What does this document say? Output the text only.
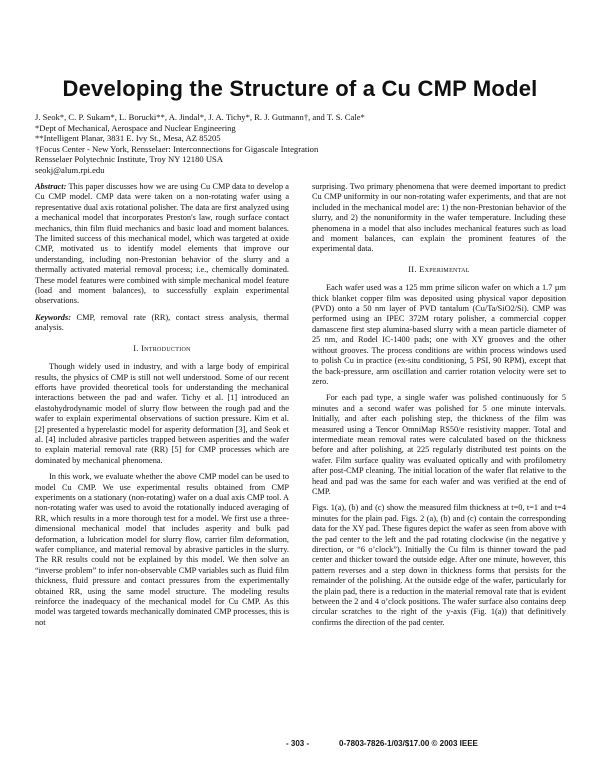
Developing the Structure of a Cu CMP Model
J. Seok*, C. P. Sukam*, L. Borucki**, A. Jindal*, J. A. Tichy*, R. J. Gutmann†, and T. S. Cale*
*Dept of Mechanical, Aerospace and Nuclear Engineering
**Intelligent Planar, 3831 E. Ivy St., Mesa, AZ 85205
†Focus Center - New York, Rensselaer: Interconnections for Gigascale Integration
Rensselaer Polytechnic Institute, Troy NY 12180 USA
seokj@alum.rpi.edu

Abstract: This paper discusses how we are using Cu CMP data to develop a Cu CMP model. CMP data were taken on a non-rotating wafer using a representative dual axis rotational polisher. The data are first analyzed using a mechanical model that incorporates Preston's law, rough surface contact mechanics, thin film fluid mechanics and basic load and moment balances. The limited success of this mechanical model, which was targeted at oxide CMP, motivated us to identify model elements that improve our understanding, including non-Prestonian behavior of the slurry and a thermally activated material removal process; i.e., chemically dominated. These model features were combined with simple mechanical model feature (load and moment balances), to successfully explain experimental observations.

Keywords: CMP, removal rate (RR), contact stress analysis, thermal analysis.

I. Introduction

Though widely used in industry, and with a large body of empirical results, the physics of CMP is still not well understood. Some of our recent efforts have provided theoretical tools for understanding the mechanical interactions between the pad and wafer. Tichy et al. [1] introduced an elastohydrodynamic model of slurry flow between the rough pad and the wafer to explain experimental observations of suction pressure. Kim et al. [2] presented a hyperelastic model for asperity deformation [3], and Seok et al. [4] included abrasive particles trapped between asperities and the wafer to explain material removal rate (RR) [5] for CMP processes which are dominated by mechanical phenomena.

In this work, we evaluate whether the above CMP model can be used to model Cu CMP. We use experimental results obtained from CMP experiments on a stationary (non-rotating) wafer on a dual axis CMP tool. A non-rotating wafer was used to avoid the rotationally induced averaging of RR, which results in a more thorough test for a model. We first use a three-dimensional mechanical model that includes asperity and bulk pad deformation, a lubrication model for slurry flow, carrier film deformation, wafer compliance, and material removal by abrasive particles in the slurry. The RR results could not be explained by this model. We then solve an “inverse problem” to infer non-observable CMP variables such as fluid film thickness, fluid pressure and contact pressures from the experimentally obtained RR, using the same model structure. The modeling results reinforce the inadequacy of the mechanical model for Cu CMP. As this model was targeted towards mechanically dominated CMP processes, this is not

surprising. Two primary phenomena that were deemed important to predict Cu CMP uniformity in our non-rotating wafer experiments, and that are not included in the mechanical model are: 1) the non-Prestonian behavior of the slurry, and 2) the nonuniformity in the wafer temperature. Including these phenomena in a model that also includes mechanical features such as load and moment balances, can explain the prominent features of the experimental data.

II. Experimental

Each wafer used was a 125 mm prime silicon wafer on which a 1.7 µm thick blanket copper film was deposited using physical vapor deposition (PVD) onto a 50 nm layer of PVD tantalum (Cu/Ta/SiO2/Si). CMP was performed using an IPEC 372M rotary polisher, a commercial copper damascene first step alumina-based slurry with a mean particle diameter of 25 nm, and Rodel IC-1400 pads; one with XY grooves and the other without grooves. The process conditions are within process windows used to polish Cu in practice (ex-situ conditioning, 5 PSI, 90 RPM), except that the back-pressure, arm oscillation and carrier rotation velocity were set to zero.

For each pad type, a single wafer was polished continuously for 5 minutes and a second wafer was polished for 5 one minute intervals. Initially, and after each polishing step, the thickness of the film was measured using a Tencor OmniMap RS50/e resistivity mapper. Total and intermediate mean removal rates were calculated based on the thickness before and after polishing, at 225 regularly distributed test points on the wafer. Film surface quality was evaluated optically and with profilometry after post-CMP cleaning. The initial location of the wafer flat relative to the head and pad was the same for each wafer and was verified at the end of CMP.

Figs. 1(a), (b) and (c) show the measured film thickness at t=0, t=1 and t=4 minutes for the plain pad. Figs. 2 (a), (b) and (c) contain the corresponding data for the XY pad. These figures depict the wafer as seen from above with the pad center to the left and the pad rotating clockwise (in the negative y direction, or “6 o’clock”). Initially the Cu film is thinner toward the pad center and thicker toward the outside edge. After one minute, however, this pattern reverses and a step down in thickness forms that persists for the remainder of the polishing. At the outside edge of the wafer, particularly for the plain pad, there is a reduction in the material removal rate that is evident between the 2 and 4 o’clock positions. The wafer surface also contains deep circular scratches to the right of the y-axis (Fig. 1(a)) that definitively confirms the direction of the pad center.

- 303 -	0-7803-7826-1/03/$17.00 © 2003 IEEE
